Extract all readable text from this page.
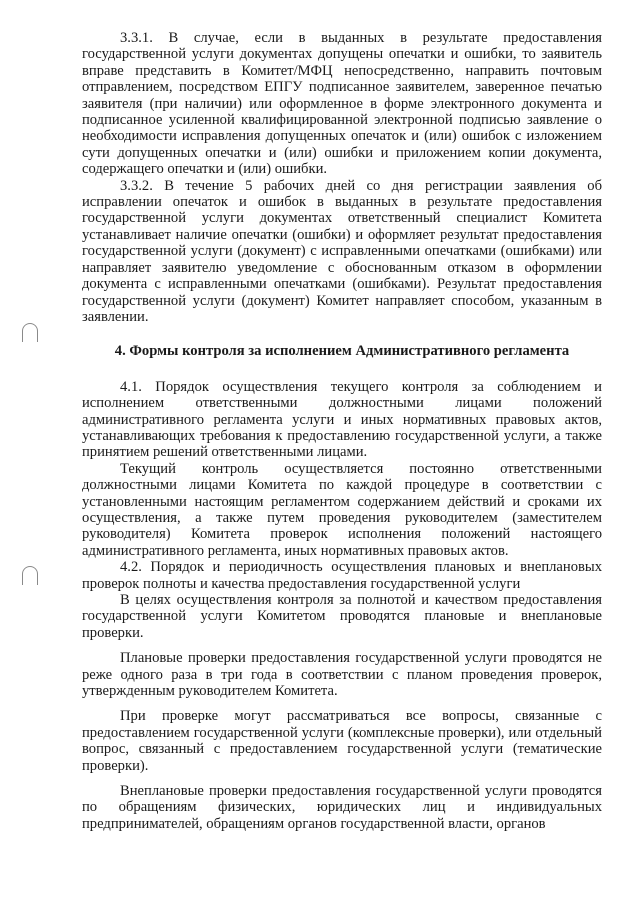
3.3.1. В случае, если в выданных в результате предоставления государственной услуги документах допущены опечатки и ошибки, то заявитель вправе представить в Комитет/МФЦ непосредственно, направить почтовым отправлением, посредством ЕПГУ подписанное заявителем, заверенное печатью заявителя (при наличии) или оформленное в форме электронного документа и подписанное усиленной квалифицированной электронной подписью заявление о необходимости исправления допущенных опечаток и (или) ошибок с изложением сути допущенных опечатки и (или) ошибки и приложением копии документа, содержащего опечатки и (или) ошибки.

3.3.2. В течение 5 рабочих дней со дня регистрации заявления об исправлении опечаток и ошибок в выданных в результате предоставления государственной услуги документах ответственный специалист Комитета устанавливает наличие опечатки (ошибки) и оформляет результат предоставления государственной услуги (документ) с исправленными опечатками (ошибками) или направляет заявителю уведомление с обоснованным отказом в оформлении документа с исправленными опечатками (ошибками). Результат предоставления государственной услуги (документ) Комитет направляет способом, указанным в заявлении.

4. Формы контроля за исполнением Административного регламента

4.1. Порядок осуществления текущего контроля за соблюдением и исполнением ответственными должностными лицами положений административного регламента услуги и иных нормативных правовых актов, устанавливающих требования к предоставлению государственной услуги, а также принятием решений ответственными лицами.

Текущий контроль осуществляется постоянно ответственными должностными лицами Комитета по каждой процедуре в соответствии с установленными настоящим регламентом содержанием действий и сроками их осуществления, а также путем проведения руководителем (заместителем руководителя) Комитета проверок исполнения положений настоящего административного регламента, иных нормативных правовых актов.

4.2. Порядок и периодичность осуществления плановых и внеплановых проверок полноты и качества предоставления государственной услуги

В целях осуществления контроля за полнотой и качеством предоставления государственной услуги Комитетом проводятся плановые и внеплановые проверки.

Плановые проверки предоставления государственной услуги проводятся не реже одного раза в три года в соответствии с планом проведения проверок, утвержденным руководителем Комитета.

При проверке могут рассматриваться все вопросы, связанные с предоставлением государственной услуги (комплексные проверки), или отдельный вопрос, связанный с предоставлением государственной услуги (тематические проверки).

Внеплановые проверки предоставления государственной услуги проводятся по обращениям физических, юридических лиц и индивидуальных предпринимателей, обращениям органов государственной власти, органов
